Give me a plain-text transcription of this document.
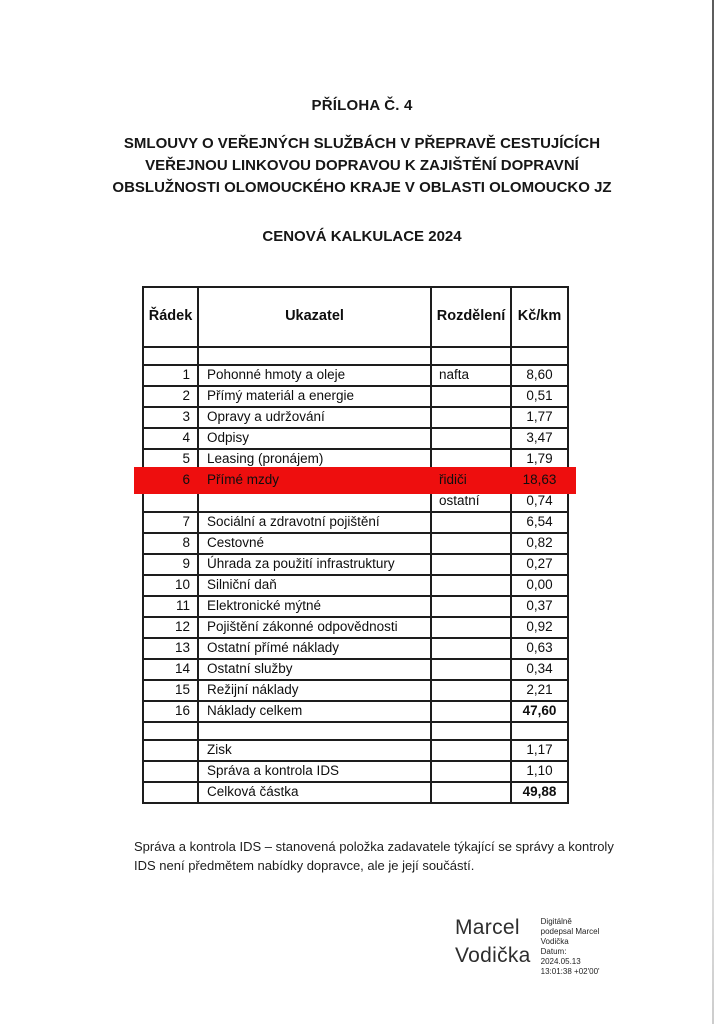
PŘÍLOHA Č. 4
SMLOUVY O VEŘEJNÝCH SLUŽBÁCH V PŘEPRAVĚ CESTUJÍCÍCH
VEŘEJNOU LINKOVOU DOPRAVOU K ZAJIŠTĚNÍ DOPRAVNÍ
OBSLUŽNOSTI OLOMOUCKÉHO KRAJE V OBLASTI OLOMOUCKO JZ
CENOVÁ KALKULACE 2024
Řádek	Ukazatel	Rozdělení	Kč/km

1	Pohonné hmoty a oleje	nafta	8,60

2	Přímý materiál a energie		0,51

3	Opravy a udržování		1,77

4	Odpisy		3,47

5	Leasing (pronájem)		1,79

6	Přímé mzdy	řidiči	18,63

		ostatní	0,74

7	Sociální a zdravotní pojištění		6,54

8	Cestovné		0,82

9	Úhrada za použití infrastruktury		0,27

10	Silniční daň		0,00

11	Elektronické mýtné		0,37

12	Pojištění zákonné odpovědnosti		0,92

13	Ostatní přímé náklady		0,63

14	Ostatní služby		0,34

15	Režijní náklady		2,21

16	Náklady celkem		47,60

	Zisk		1,17

	Správa a kontrola IDS		1,10

	Celková částka		49,88
Správa a kontrola IDS – stanovená položka zadavatele týkající se správy a kontroly
IDS není předmětem nabídky dopravce, ale je její součástí.
Marcel
Vodička
Digitálně
podepsal Marcel
Vodička
Datum:
2024.05.13
13:01:38 +02'00'
